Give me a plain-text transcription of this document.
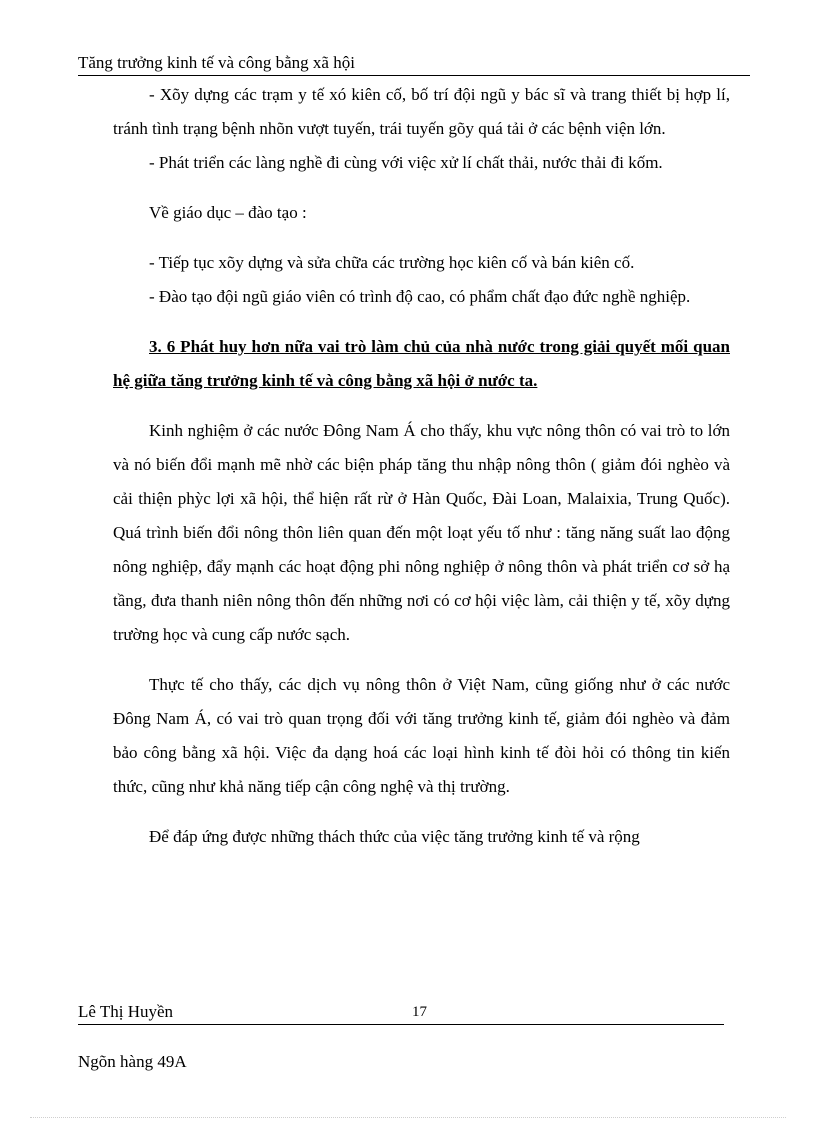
Tăng trưởng kinh tế và công bằng xã hội

- Xõy dựng các trạm y tế xó kiên cố, bố trí đội ngũ y bác sĩ và trang thiết bị hợp lí, tránh tình trạng bệnh nhõn vượt tuyến, trái tuyến gõy quá tải ở các bệnh viện lớn.

- Phát triển các làng nghề đi cùng với việc xử lí chất thải, nước thải đi kốm.

Về giáo dục – đào tạo :

- Tiếp tục xõy dựng và sửa chữa các trường học kiên cố và bán kiên cố.

- Đào tạo đội ngũ giáo viên có trình độ cao, có phẩm chất đạo đức nghề nghiệp.

3. 6 Phát huy hơn nữa vai trò làm chủ của nhà nước trong giải quyết mối quan hệ giữa tăng trưởng kinh tế và công bằng xã hội ở nước ta.

Kinh nghiệm ở các nước Đông Nam Á cho thấy, khu vực nông thôn có vai trò to lớn và nó biến đổi mạnh mẽ nhờ các biện pháp tăng thu nhập nông thôn ( giảm đói nghèo và cải thiện phỳc lợi xã hội, thể hiện rất rừ ở Hàn Quốc, Đài Loan, Malaixia, Trung Quốc). Quá trình biến đổi nông thôn liên quan đến một loạt yếu tố như : tăng năng suất lao động nông nghiệp, đẩy mạnh các hoạt động phi nông nghiệp ở nông thôn và phát triển cơ sở hạ tầng, đưa thanh niên nông thôn đến những nơi có cơ hội việc làm, cải thiện y tế, xõy dựng trường học và cung cấp nước sạch.

Thực tế cho thấy, các dịch vụ nông thôn ở Việt Nam, cũng giống như ở các nước Đông Nam Á, có vai trò quan trọng đối với tăng trưởng kinh tế, giảm đói nghèo và đảm bảo công bằng xã hội. Việc đa dạng hoá các loại hình kinh tế đòi hỏi có thông tin kiến thức, cũng như khả năng tiếp cận công nghệ và thị trường.

Để đáp ứng được những thách thức của việc tăng trưởng kinh tế và rộng

Lê Thị Huyền	17
Ngõn hàng 49A
